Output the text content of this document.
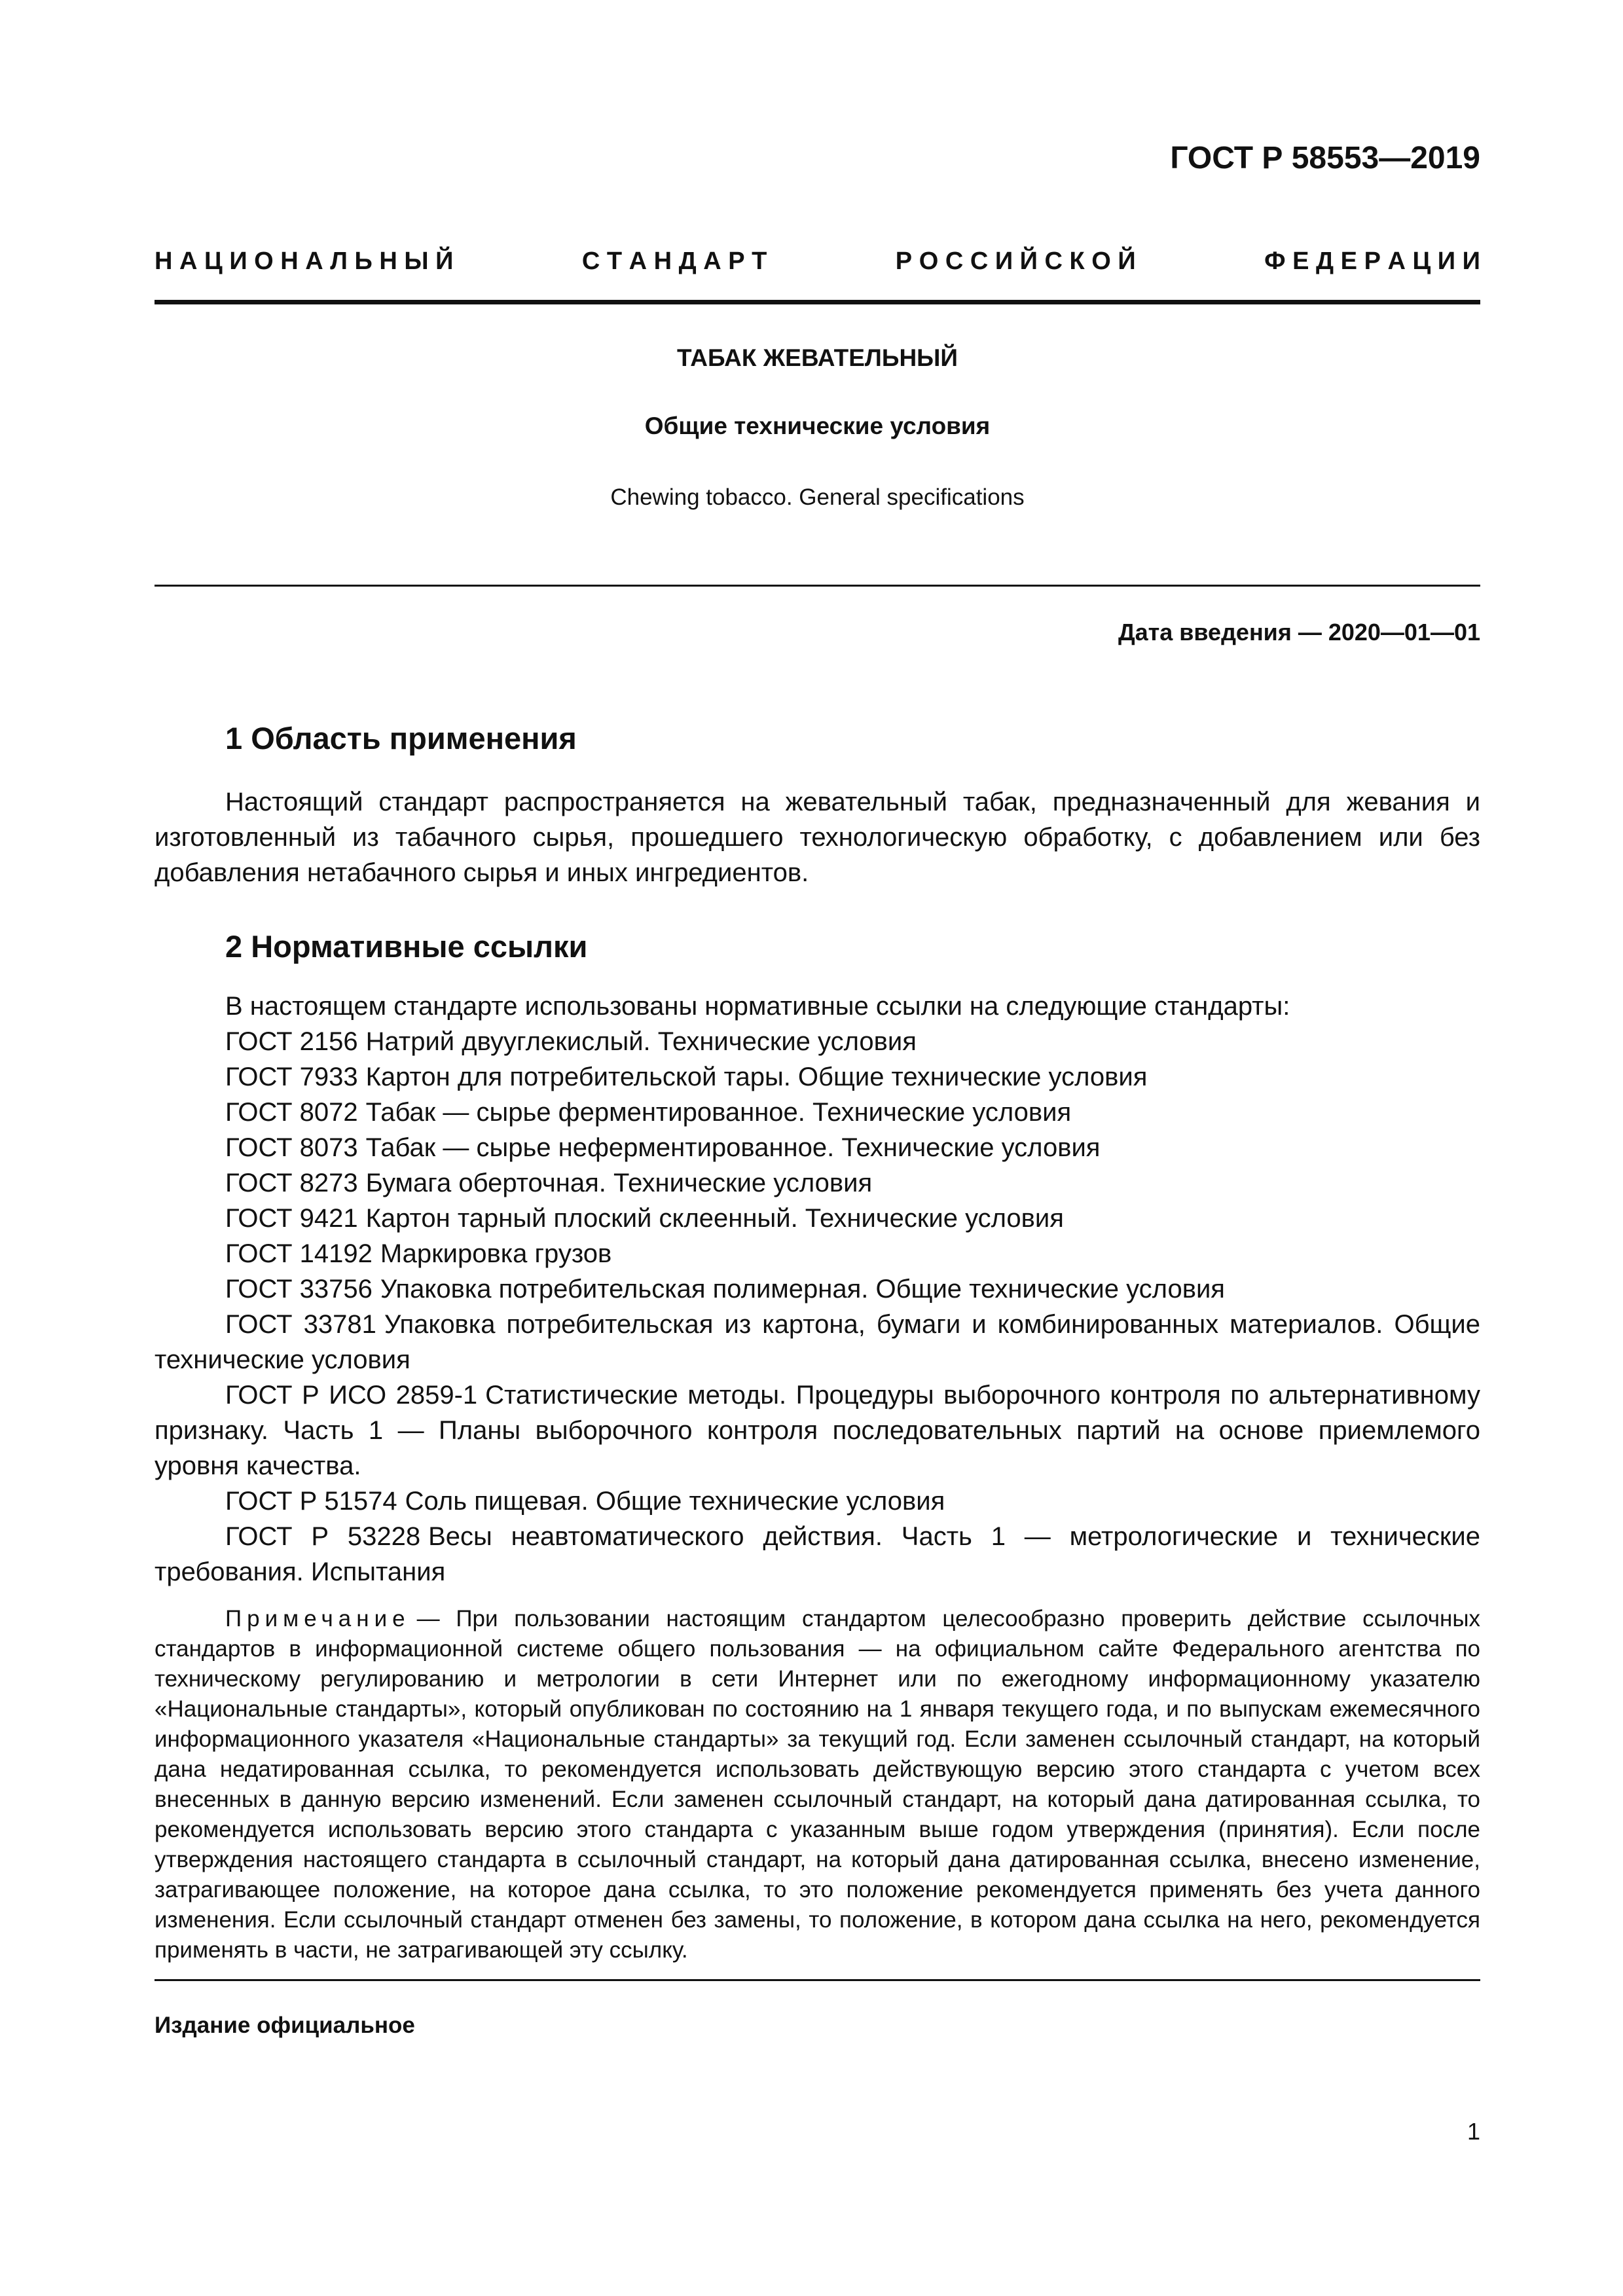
ГОСТ Р 58553—2019
Н А Ц И О Н А Л Ь Н Ы Й	С Т А Н Д А Р Т	Р О С С И Й С К О Й	Ф Е Д Е Р А Ц И И
ТАБАК ЖЕВАТЕЛЬНЫЙ
Общие технические условия
Chewing tobacco. General specifications
Дата введения — 2020—01—01
1 Область применения

Настоящий стандарт распространяется на жевательный табак, предназначенный для жевания и изготовленный из табачного сырья, прошедшего технологическую обработку, с добавлением или без добавления нетабачного сырья и иных ингредиентов.

2 Нормативные ссылки
В настоящем стандарте использованы нормативные ссылки на следующие стандарты:
ГОСТ 2156 Натрий двууглекислый. Технические условия
ГОСТ 7933 Картон для потребительской тары. Общие технические условия
ГОСТ 8072 Табак — сырье ферментированное. Технические условия
ГОСТ 8073 Табак — сырье неферментированное. Технические условия
ГОСТ 8273 Бумага оберточная. Технические условия
ГОСТ 9421 Картон тарный плоский склеенный. Технические условия
ГОСТ 14192 Маркировка грузов
ГОСТ 33756 Упаковка потребительская полимерная. Общие технические условия
ГОСТ 33781 Упаковка потребительская из картона, бумаги и комбинированных материалов. Общие технические условия
ГОСТ Р ИСО 2859-1 Статистические методы. Процедуры выборочного контроля по альтернативному признаку. Часть 1 — Планы выборочного контроля последовательных партий на основе приемлемого уровня качества.
ГОСТ Р 51574 Соль пищевая. Общие технические условия
ГОСТ Р 53228 Весы неавтоматического действия. Часть 1 — метрологические и технические требования. Испытания

Примечание — При пользовании настоящим стандартом целесообразно проверить действие ссылочных стандартов в информационной системе общего пользования — на официальном сайте Федерального агентства по техническому регулированию и метрологии в сети Интернет или по ежегодному информационному указателю «Национальные стандарты», который опубликован по состоянию на 1 января текущего года, и по выпускам ежемесячного информационного указателя «Национальные стандарты» за текущий год. Если заменен ссылочный стандарт, на который дана недатированная ссылка, то рекомендуется использовать действующую версию этого стандарта с учетом всех внесенных в данную версию изменений. Если заменен ссылочный стандарт, на который дана датированная ссылка, то рекомендуется использовать версию этого стандарта с указанным выше годом утверждения (принятия). Если после утверждения настоящего стандарта в ссылочный стандарт, на который дана датированная ссылка, внесено изменение, затрагивающее положение, на которое дана ссылка, то это положение рекомендуется применять без учета данного изменения. Если ссылочный стандарт отменен без замены, то положение, в котором дана ссылка на него, рекомендуется применять в части, не затрагивающей эту ссылку.

Издание официальное
1
